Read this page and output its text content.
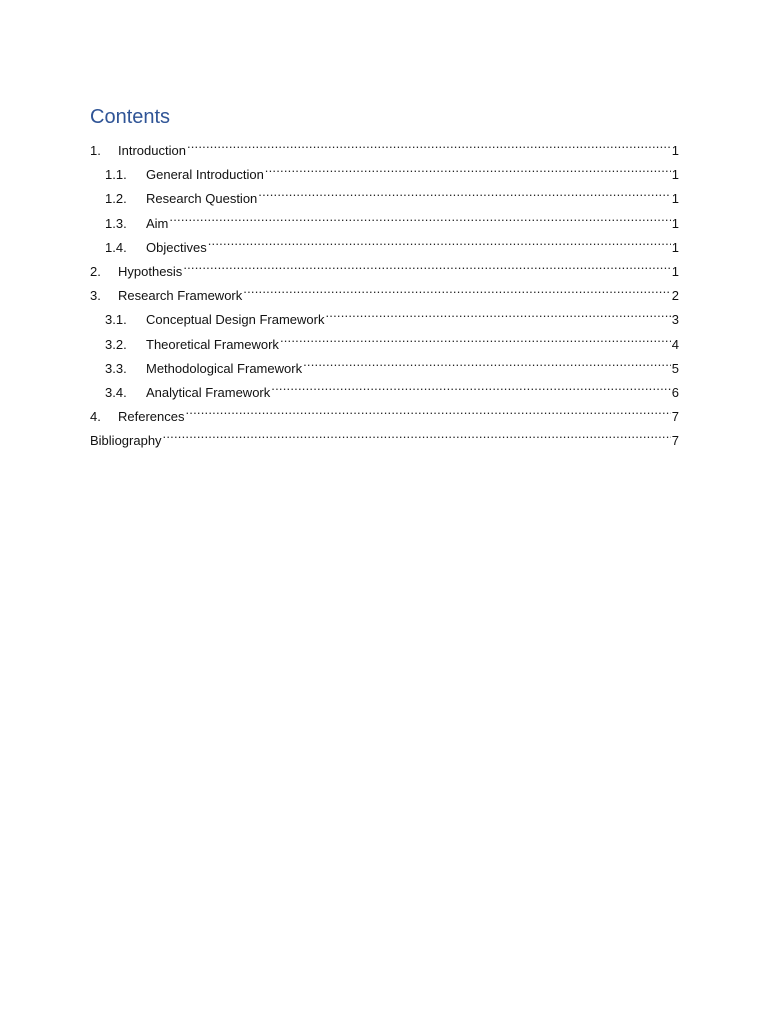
Contents
1.	Introduction .....	1
1.1.	General Introduction .....	1
1.2.	Research Question .....	1
1.3.	Aim .....	1
1.4.	Objectives .....	1
2.	Hypothesis .....	1
3.	Research Framework .....	2
3.1.	Conceptual Design Framework .....	3
3.2.	Theoretical Framework .....	4
3.3.	Methodological Framework .....	5
3.4.	Analytical Framework .....	6
4.	References .....	7
Bibliography .....	7
